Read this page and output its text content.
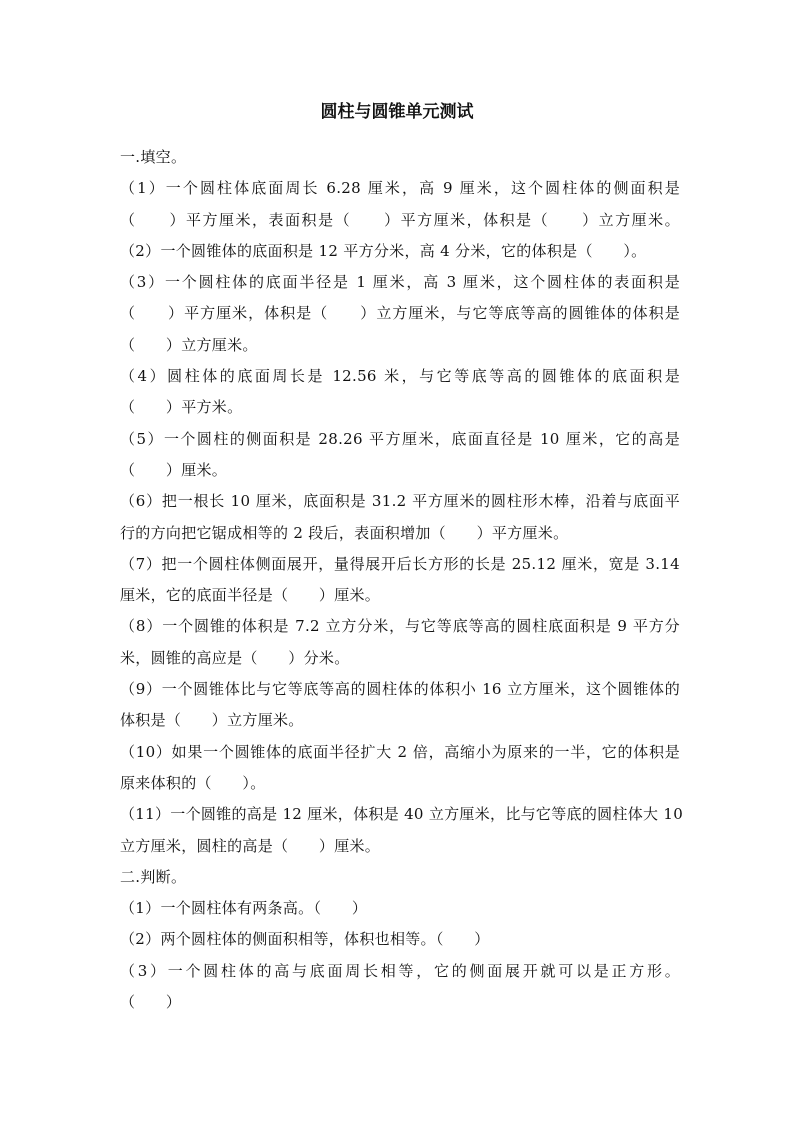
圆柱与圆锥单元测试
一.填空。
（1）一个圆柱体底面周长 6.28 厘米，高 9 厘米，这个圆柱体的侧面积是
（　　）平方厘米，表面积是（　　）平方厘米，体积是（　　）立方厘米。
（2）一个圆锥体的底面积是 12 平方分米，高 4 分米，它的体积是（　　）。
（3）一个圆柱体的底面半径是 1 厘米，高 3 厘米，这个圆柱体的表面积是
（　　）平方厘米，体积是（　　）立方厘米，与它等底等高的圆锥体的体积是
（　　）立方厘米。
（4）圆柱体的底面周长是 12.56 米，与它等底等高的圆锥体的底面积是
（　　）平方米。
（5）一个圆柱的侧面积是 28.26 平方厘米，底面直径是 10 厘米，它的高是
（　　）厘米。
（6）把一根长 10 厘米，底面积是 31.2 平方厘米的圆柱形木棒，沿着与底面平
行的方向把它锯成相等的 2 段后，表面积增加（　　）平方厘米。
（7）把一个圆柱体侧面展开，量得展开后长方形的长是 25.12 厘米，宽是 3.14
厘米，它的底面半径是（　　）厘米。
（8）一个圆锥的体积是 7.2 立方分米，与它等底等高的圆柱底面积是 9 平方分
米，圆锥的高应是（　　）分米。
（9）一个圆锥体比与它等底等高的圆柱体的体积小 16 立方厘米，这个圆锥体的
体积是（　　）立方厘米。
（10）如果一个圆锥体的底面半径扩大 2 倍，高缩小为原来的一半，它的体积是
原来体积的（　　）。
（11）一个圆锥的高是 12 厘米，体积是 40 立方厘米，比与它等底的圆柱体大 10
立方厘米，圆柱的高是（　　）厘米。
二.判断。
（1）一个圆柱体有两条高。（　　）
（2）两个圆柱体的侧面积相等，体积也相等。（　　）
（3）一个圆柱体的高与底面周长相等，它的侧面展开就可以是正方形。
（　　）
